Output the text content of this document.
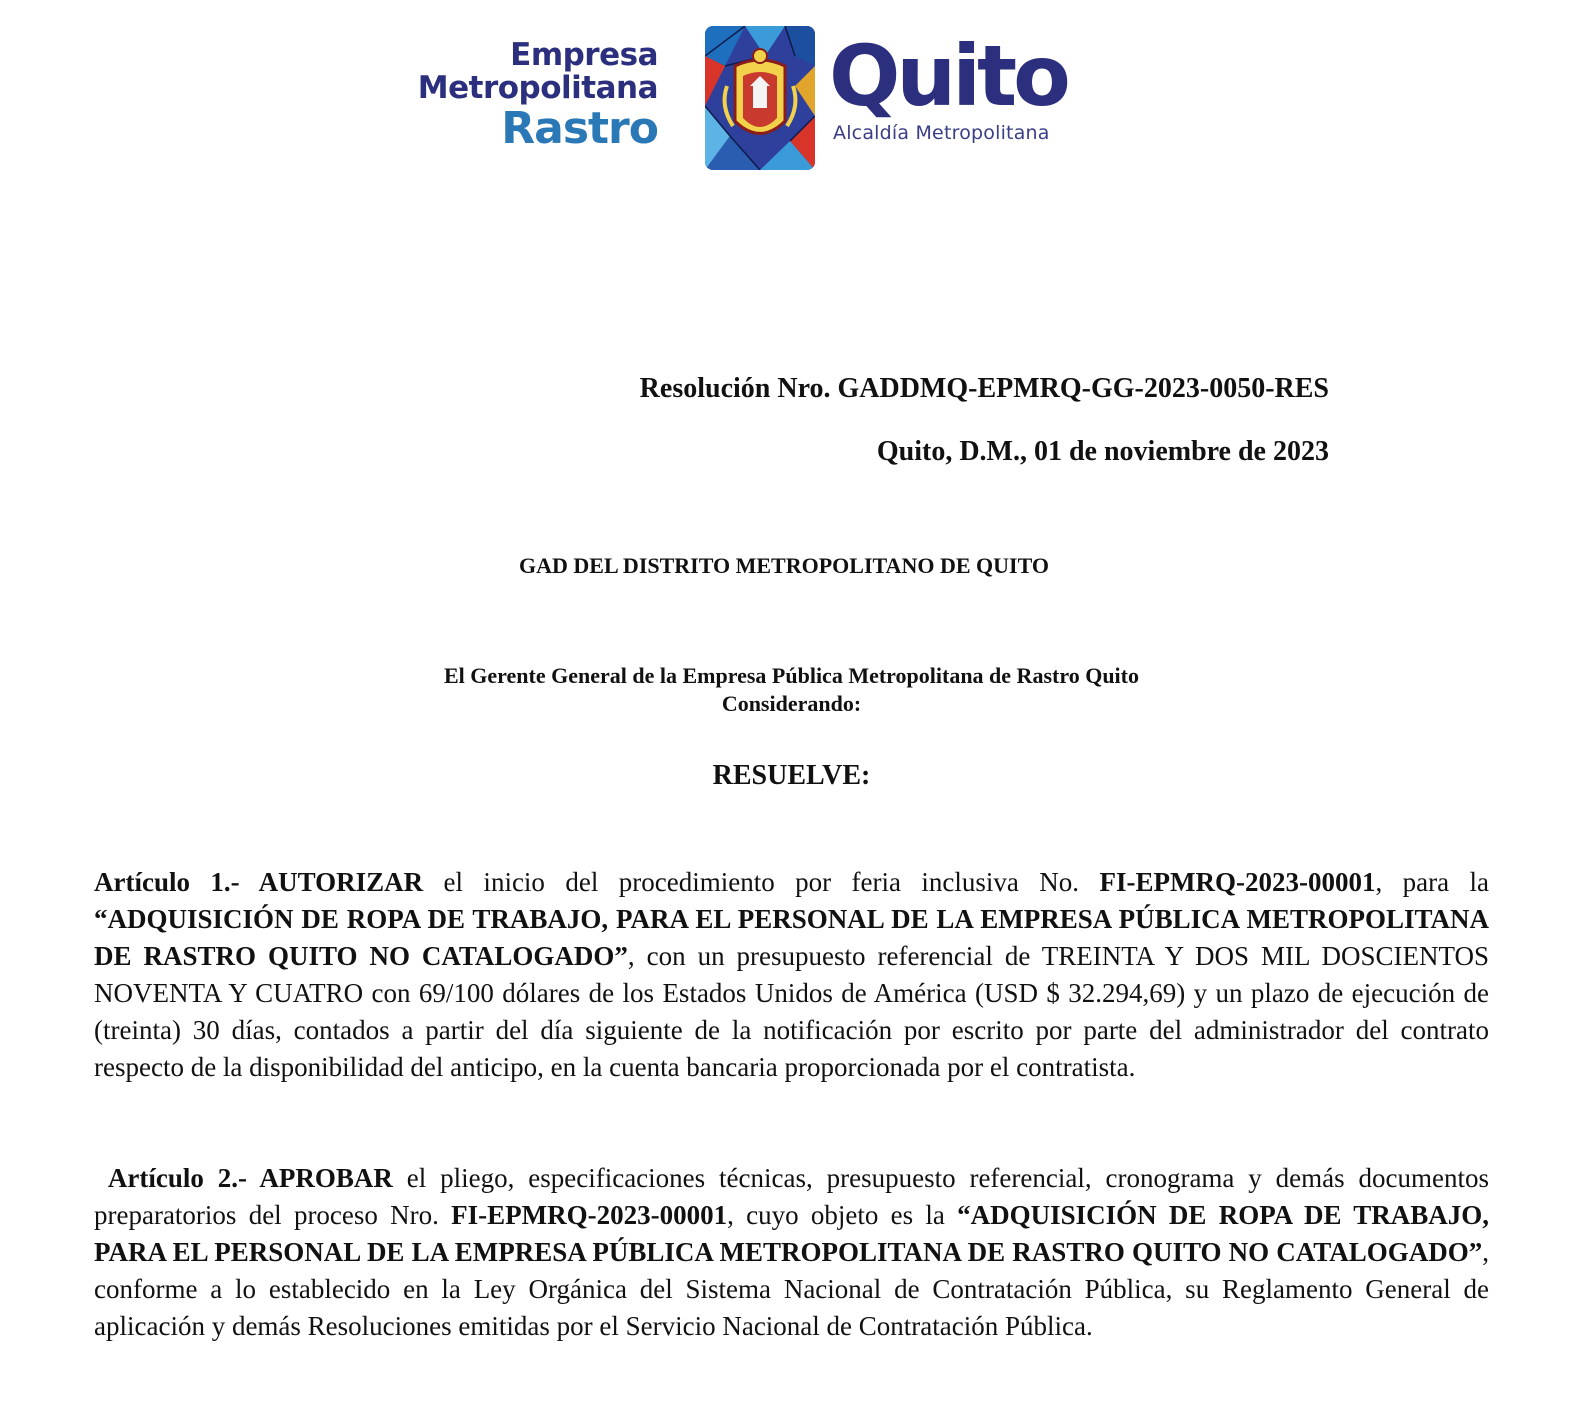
Empresa
Metropolitana
Rastro
Quito
Alcaldía Metropolitana
Resolución Nro. GADDMQ-EPMRQ-GG-2023-0050-RES
Quito, D.M., 01 de noviembre de 2023
GAD DEL DISTRITO METROPOLITANO DE QUITO
El Gerente General de la Empresa Pública Metropolitana de Rastro Quito
Considerando:
RESUELVE:
Artículo 1.- AUTORIZAR el inicio del procedimiento por feria inclusiva No. FI-EPMRQ-2023-00001, para la “ADQUISICIÓN DE ROPA DE TRABAJO, PARA EL PERSONAL DE LA EMPRESA PÚBLICA METROPOLITANA DE RASTRO QUITO NO CATALOGADO”, con un presupuesto referencial de TREINTA Y DOS MIL DOSCIENTOS NOVENTA Y CUATRO con 69/100 dólares de los Estados Unidos de América (USD $ 32.294,69) y un plazo de ejecución de (treinta) 30 días, contados a partir del día siguiente de la notificación por escrito por parte del administrador del contrato respecto de la disponibilidad del anticipo, en la cuenta bancaria proporcionada por el contratista.
Artículo 2.- APROBAR el pliego, especificaciones técnicas, presupuesto referencial, cronograma y demás documentos preparatorios del proceso Nro. FI-EPMRQ-2023-00001, cuyo objeto es la “ADQUISICIÓN DE ROPA DE TRABAJO, PARA EL PERSONAL DE LA EMPRESA PÚBLICA METROPOLITANA DE RASTRO QUITO NO CATALOGADO”, conforme a lo establecido en la Ley Orgánica del Sistema Nacional de Contratación Pública, su Reglamento General de aplicación y demás Resoluciones emitidas por el Servicio Nacional de Contratación Pública.
